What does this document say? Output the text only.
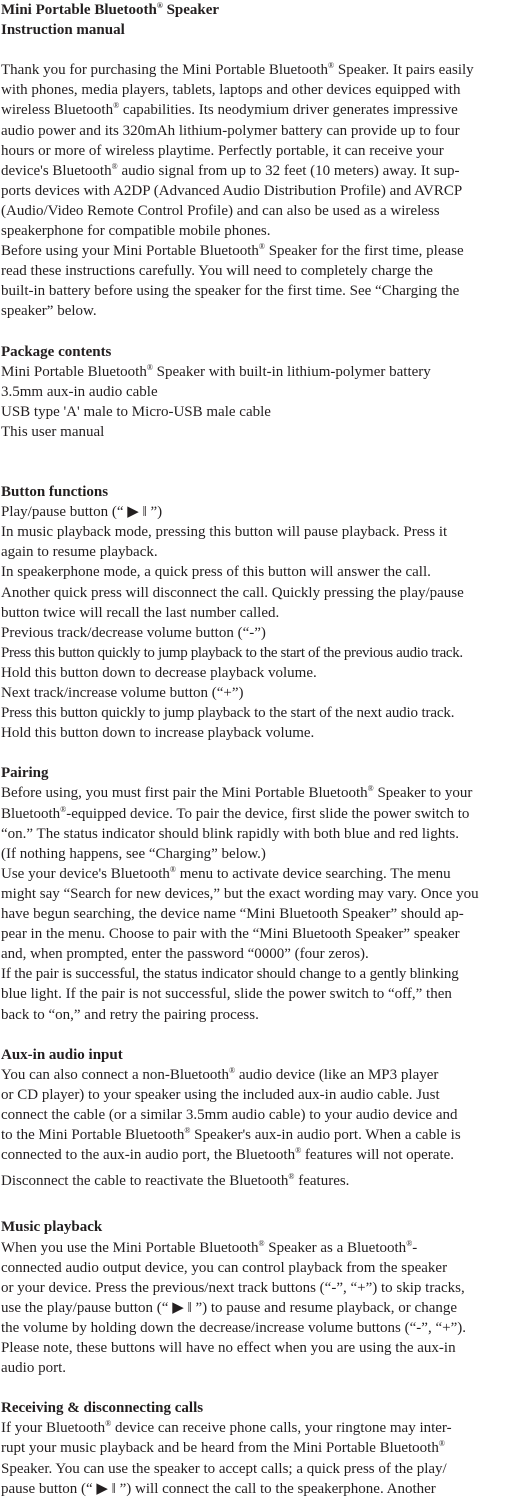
Mini Portable Bluetooth® Speaker
Instruction manual
Thank you for purchasing the Mini Portable Bluetooth® Speaker. It pairs easily
with phones, media players, tablets, laptops and other devices equipped with
wireless Bluetooth® capabilities. Its neodymium driver generates impressive
audio power and its 320mAh lithium-polymer battery can provide up to four
hours or more of wireless playtime. Perfectly portable, it can receive your
device's Bluetooth® audio signal from up to 32 feet (10 meters) away. It sup-
ports devices with A2DP (Advanced Audio Distribution Profile) and AVRCP
(Audio/Video Remote Control Profile) and can also be used as a wireless
speakerphone for compatible mobile phones.
Before using your Mini Portable Bluetooth® Speaker for the first time, please
read these instructions carefully. You will need to completely charge the
built-in battery before using the speaker for the first time. See “Charging the
speaker” below.
Package contents
Mini Portable Bluetooth® Speaker with built-in lithium-polymer battery
3.5mm aux-in audio cable
USB type 'A' male to Micro-USB male cable
This user manual
Button functions
Play/pause button (“ ▶ ‖ ”)
In music playback mode, pressing this button will pause playback. Press it
again to resume playback.
In speakerphone mode, a quick press of this button will answer the call.
Another quick press will disconnect the call. Quickly pressing the play/pause
button twice will recall the last number called.
Previous track/decrease volume button (“-”)
Press this button quickly to jump playback to the start of the previous audio track.
Hold this button down to decrease playback volume.
Next track/increase volume button (“+”)
Press this button quickly to jump playback to the start of the next audio track.
Hold this button down to increase playback volume.
Pairing
Before using, you must first pair the Mini Portable Bluetooth® Speaker to your
Bluetooth®-equipped device. To pair the device, first slide the power switch to
“on.” The status indicator should blink rapidly with both blue and red lights.
(If nothing happens, see “Charging” below.)
Use your device's Bluetooth® menu to activate device searching. The menu
might say “Search for new devices,” but the exact wording may vary. Once you
have begun searching, the device name “Mini Bluetooth Speaker” should ap-
pear in the menu. Choose to pair with the “Mini Bluetooth Speaker” speaker
and, when prompted, enter the password “0000” (four zeros).
If the pair is successful, the status indicator should change to a gently blinking
blue light. If the pair is not successful, slide the power switch to “off,” then
back to “on,” and retry the pairing process.
Aux-in audio input
You can also connect a non-Bluetooth® audio device (like an MP3 player
or CD player) to your speaker using the included aux-in audio cable. Just
connect the cable (or a similar 3.5mm audio cable) to your audio device and
to the Mini Portable Bluetooth® Speaker's aux-in audio port. When a cable is
connected to the aux-in audio port, the Bluetooth® features will not operate.
Disconnect the cable to reactivate the Bluetooth® features.
Music playback
When you use the Mini Portable Bluetooth® Speaker as a Bluetooth®-
connected audio output device, you can control playback from the speaker
or your device. Press the previous/next track buttons (“-”, “+”) to skip tracks,
use the play/pause button (“ ▶ ‖ ”) to pause and resume playback, or change
the volume by holding down the decrease/increase volume buttons (“-”, “+”).
Please note, these buttons will have no effect when you are using the aux-in
audio port.
Receiving & disconnecting calls
If your Bluetooth® device can receive phone calls, your ringtone may inter-
rupt your music playback and be heard from the Mini Portable Bluetooth®
Speaker. You can use the speaker to accept calls; a quick press of the play/
pause button (“ ▶ ‖ ”) will connect the call to the speakerphone. Another
